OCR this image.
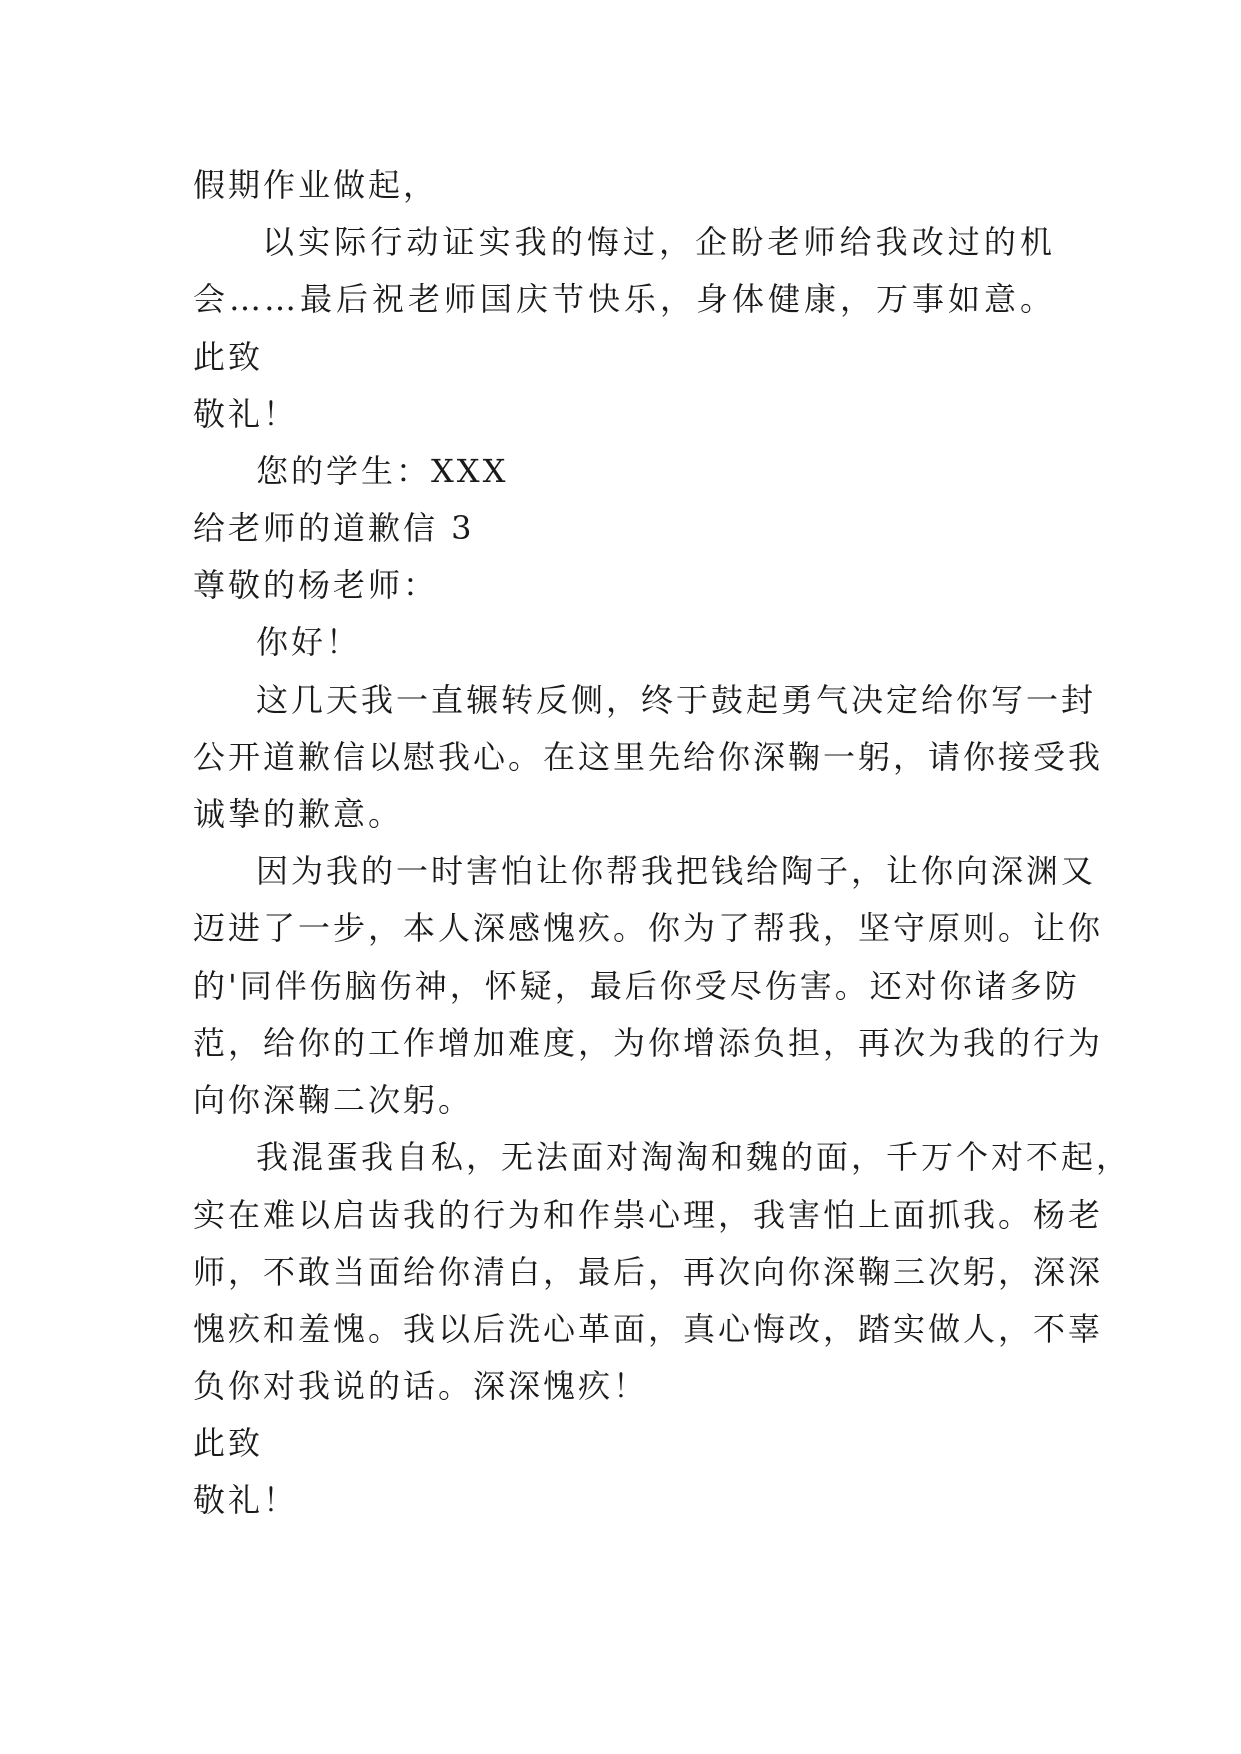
假期作业做起，
以实际行动证实我的悔过，企盼老师给我改过的机
会……最后祝老师国庆节快乐，身体健康，万事如意。
此致
敬礼！
您的学生：XXX
给老师的道歉信 3
尊敬的杨老师：
你好！
这几天我一直辗转反侧，终于鼓起勇气决定给你写一封
公开道歉信以慰我心。在这里先给你深鞠一躬，请你接受我
诚挚的歉意。
因为我的一时害怕让你帮我把钱给陶子，让你向深渊又
迈进了一步，本人深感愧疚。你为了帮我，坚守原则。让你
的'同伴伤脑伤神，怀疑，最后你受尽伤害。还对你诸多防
范，给你的工作增加难度，为你增添负担，再次为我的行为
向你深鞠二次躬。
我混蛋我自私，无法面对淘淘和魏的面，千万个对不起，
实在难以启齿我的行为和作祟心理，我害怕上面抓我。杨老
师，不敢当面给你清白，最后，再次向你深鞠三次躬，深深
愧疚和羞愧。我以后洗心革面，真心悔改，踏实做人，不辜
负你对我说的话。深深愧疚！
此致
敬礼！
